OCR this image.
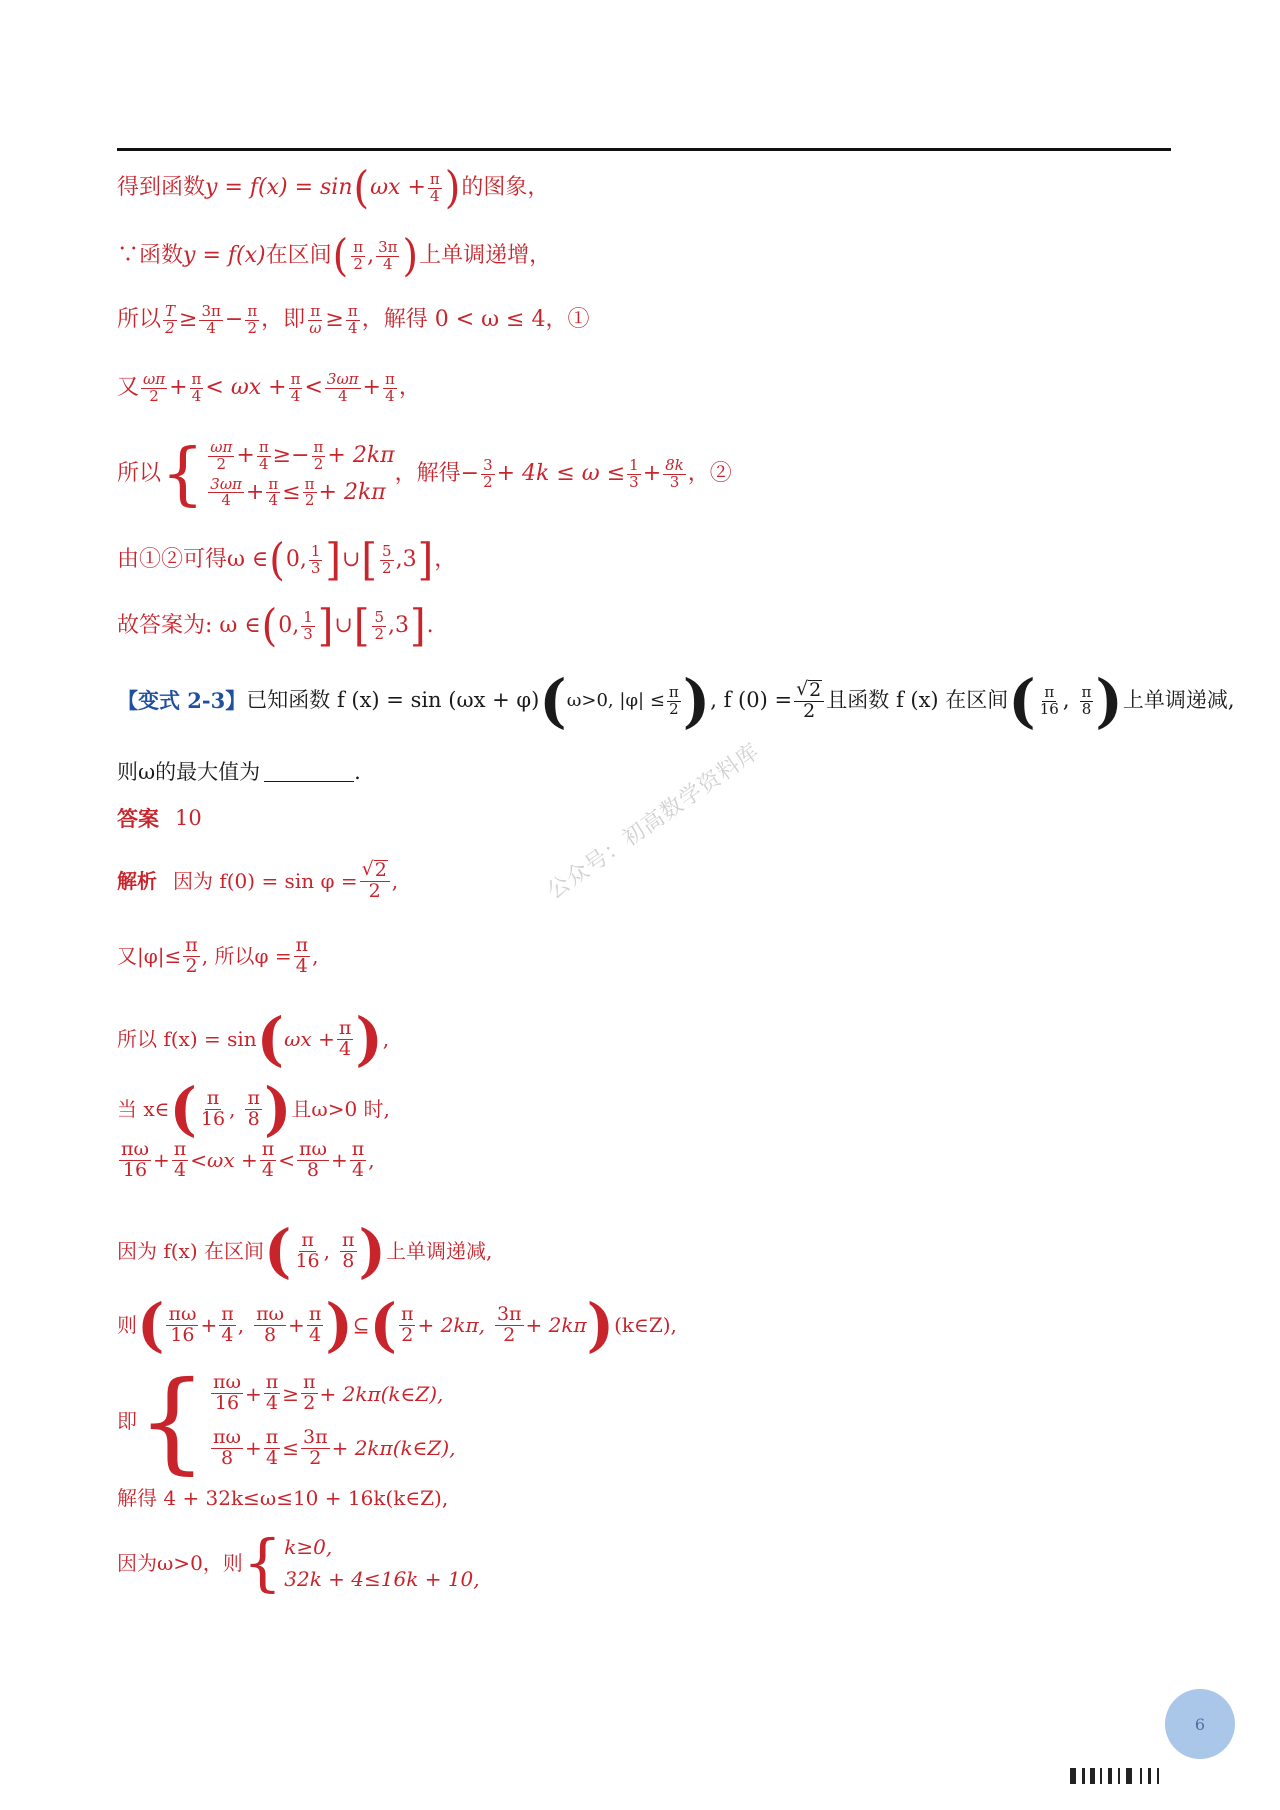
得到函数 y = f(x) = sin ( $\omega x + \frac{\pi}{4}$ ) 的图象，
∵函数 y = f(x) 在区间 ( $\frac{\pi}{2}$ , $\frac{3\pi}{4}$ ) 上单调递增，
所以 $\frac{T}{2} \ge \frac{3\pi}{4} - \frac{\pi}{2}$ ，即 $\frac{\pi}{\omega} \ge \frac{\pi}{4}$ ，解得 0 < ω ≤ 4，①
又 $\frac{\omega\pi}{2} + \frac{\pi}{4} < \omega x + \frac{\pi}{4} < \frac{3\omega\pi}{4} + \frac{\pi}{4}$ ，
所以 { $\frac{\omega\pi}{2} + \frac{\pi}{4} \ge- \frac{\pi}{2} + 2k\pi$
$\frac{3\omega\pi}{4} + \frac{\pi}{4} \le \frac{\pi}{2} + 2k\pi$
，解得− $\frac{3}{2} + 4k \le \omega \le \frac{1}{3} + \frac{8k}{3}$ ，②
由①②可得ω ∈ ( 0, $\frac{1}{3}$ ] ∪ [ $\frac{5}{2} ,3$ ] ，
故答案为: ω ∈ ( 0, $\frac{1}{3}$ ] ∪ [ $\frac{5}{2} ,3$ ] .
【变式 2-3】 已知函数 f (x) = sin (ωx + φ) ( ω>0, $|\varphi| \le \frac{\pi}{2}$ ) , f $(0) = \frac{√ 2}{2}$ 且函数 f (x) 在区间 ( $\frac{\pi}{16}$ , $\frac{\pi}{8}$ ) 上单调递减,
则ω的最大值为	.
答案 10
解析 因为 $f(0) = \sin \varphi = \frac{√ 2}{2}$ ,
又$|\varphi|\le \frac{\pi}{2}$ , 所以$\varphi = \frac{\pi}{4}$ ,
所以 f(x) = sin ( $\omega x + \frac{\pi}{4}$ ) ,
当 x∈ ( $\frac{\pi}{16}$ , $\frac{\pi}{8}$ ) 且ω>0 时,
$\frac{\pi\omega}{16} + \frac{\pi}{4} <\omega x + \frac{\pi}{4} < \frac{\pi\omega}{8} + \frac{\pi}{4}$ ,
因为 f(x) 在区间 ( $\frac{\pi}{16}$ , $\frac{\pi}{8}$ ) 上单调递减,
则 ( $\frac{\pi\omega}{16} + \frac{\pi}{4}$ , $\frac{\pi\omega}{8} + \frac{\pi}{4}$ ) ⊆ ( $\frac{\pi}{2} + 2k\pi$, $\frac{3\pi}{2} + 2k\pi$ ) (k∈Z),
即 { $\frac{\pi\omega}{16} + \frac{\pi}{4} \ge \frac{\pi}{2}$ + 2kπ(k∈Z),
$\frac{\pi\omega}{8} + \frac{\pi}{4} \le \frac{3\pi}{2}$ + 2kπ(k∈Z),
解得 4 + 32k≤ω≤10 + 16k(k∈Z),
因为ω>0，则 { k≥0,
32k + 4≤16k + 10,
公众号：初高数学资料库
6
